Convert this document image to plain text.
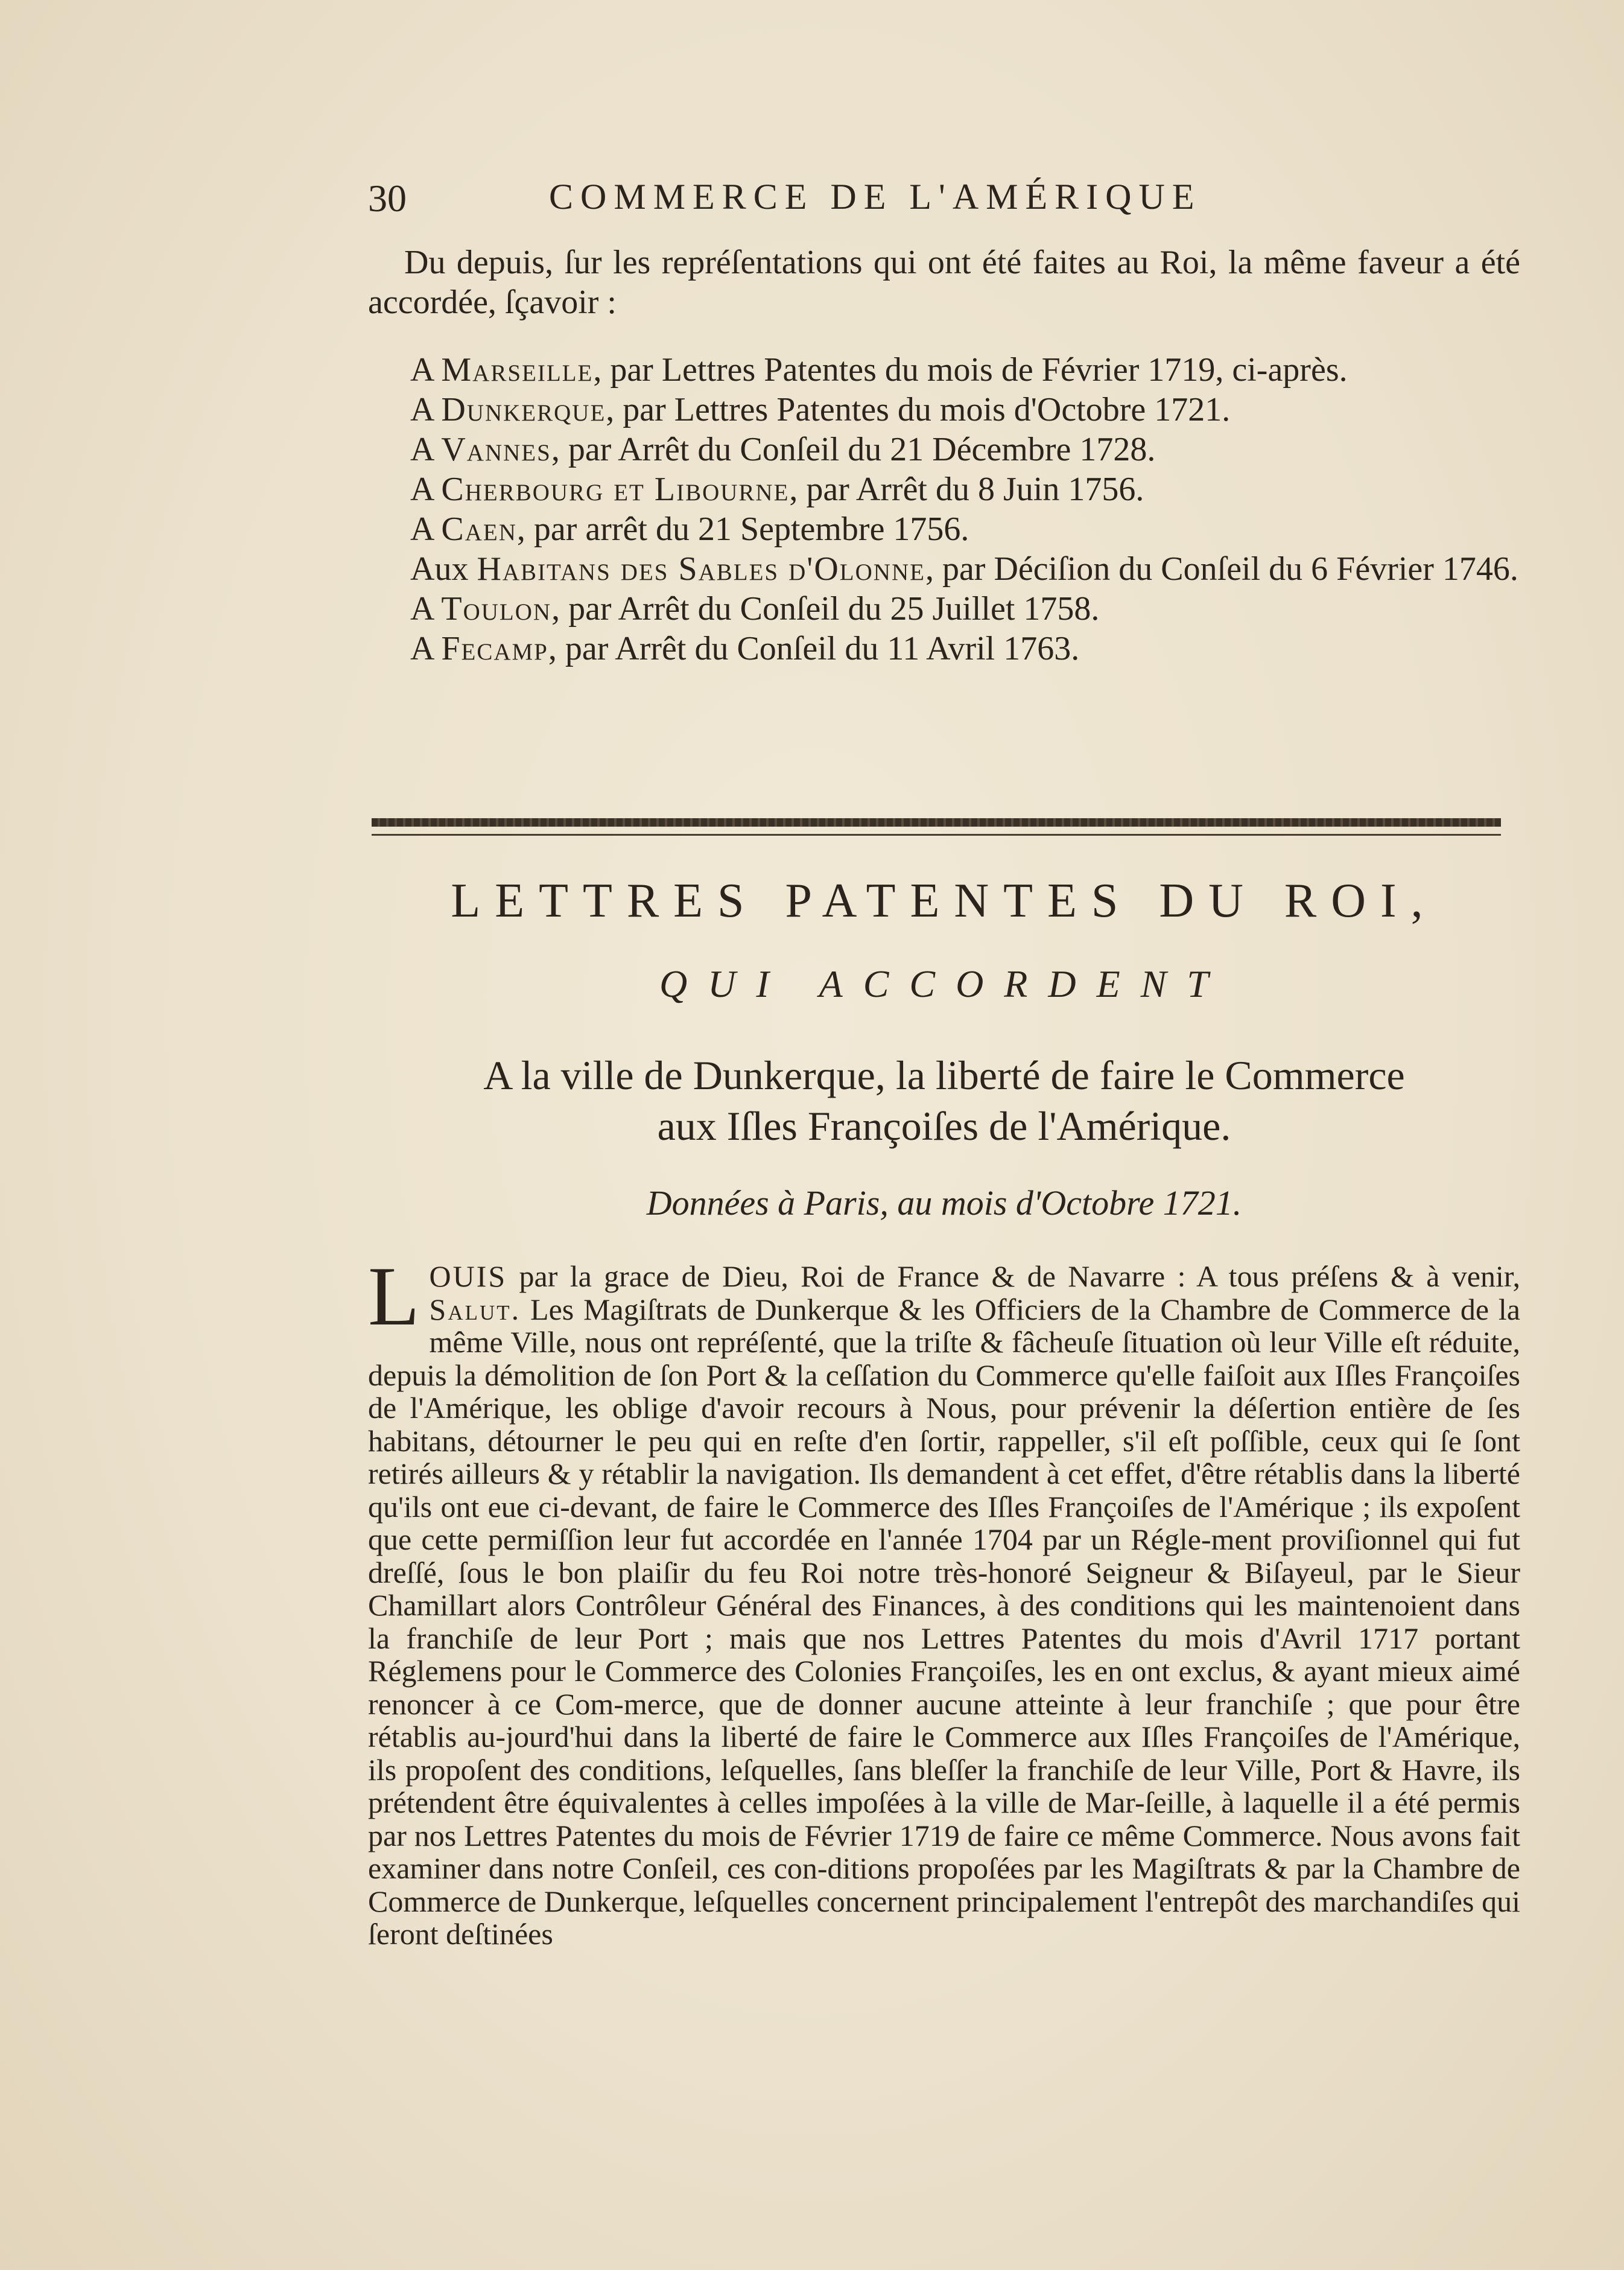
30	COMMERCE DE L'AMÉRIQUE

Du depuis, ſur les repréſentations qui ont été faites au Roi, la même faveur a été accordée, ſçavoir :

A Marseille, par Lettres Patentes du mois de Février 1719, ci-après.

A Dunkerque, par Lettres Patentes du mois d'Octobre 1721.

A Vannes, par Arrêt du Conſeil du 21 Décembre 1728.

A Cherbourg et Libourne, par Arrêt du 8 Juin 1756.

A Caen, par arrêt du 21 Septembre 1756.

Aux Habitans des Sables d'Olonne, par Déciſion du Conſeil du 6 Février 1746.

A Toulon, par Arrêt du Conſeil du 25 Juillet 1758.

A Fecamp, par Arrêt du Conſeil du 11 Avril 1763.

LETTRES PATENTES DU ROI,
QUI ACCORDENT
A la ville de Dunkerque, la liberté de faire le Commerce
aux Iſles Françoiſes de l'Amérique.
Données à Paris, au mois d'Octobre 1721.
LOUIS par la grace de Dieu, Roi de France & de Navarre : A tous préſens & à venir, Salut. Les Magiſtrats de Dunkerque & les Officiers de la Chambre de Commerce de la même Ville, nous ont repréſenté, que la triſte & fâcheuſe ſituation où leur Ville eſt réduite, depuis la démolition de ſon Port & la ceſſation du Commerce qu'elle faiſoit aux Iſles Françoiſes de l'Amérique, les oblige d'avoir recours à Nous, pour prévenir la déſertion entière de ſes habitans, détourner le peu qui en reſte d'en ſortir, rappeller, s'il eſt poſſible, ceux qui ſe ſont retirés ailleurs & y rétablir la navigation. Ils demandent à cet effet, d'être rétablis dans la liberté qu'ils ont eue ci-devant, de faire le Commerce des Iſles Françoiſes de l'Amérique ; ils expoſent que cette permiſſion leur fut accordée en l'année 1704 par un Régle-ment proviſionnel qui fut dreſſé, ſous le bon plaiſir du feu Roi notre très-honoré Seigneur & Biſayeul, par le Sieur Chamillart alors Contrôleur Général des Finances, à des conditions qui les maintenoient dans la franchiſe de leur Port ; mais que nos Lettres Patentes du mois d'Avril 1717 portant Réglemens pour le Commerce des Colonies Françoiſes, les en ont exclus, & ayant mieux aimé renoncer à ce Com-merce, que de donner aucune atteinte à leur franchiſe ; que pour être rétablis au-jourd'hui dans la liberté de faire le Commerce aux Iſles Françoiſes de l'Amérique, ils propoſent des conditions, leſquelles, ſans bleſſer la franchiſe de leur Ville, Port & Havre, ils prétendent être équivalentes à celles impoſées à la ville de Mar-ſeille, à laquelle il a été permis par nos Lettres Patentes du mois de Février 1719 de faire ce même Commerce. Nous avons fait examiner dans notre Conſeil, ces con-ditions propoſées par les Magiſtrats & par la Chambre de Commerce de Dunkerque, leſquelles concernent principalement l'entrepôt des marchandiſes qui ſeront deſtinées
